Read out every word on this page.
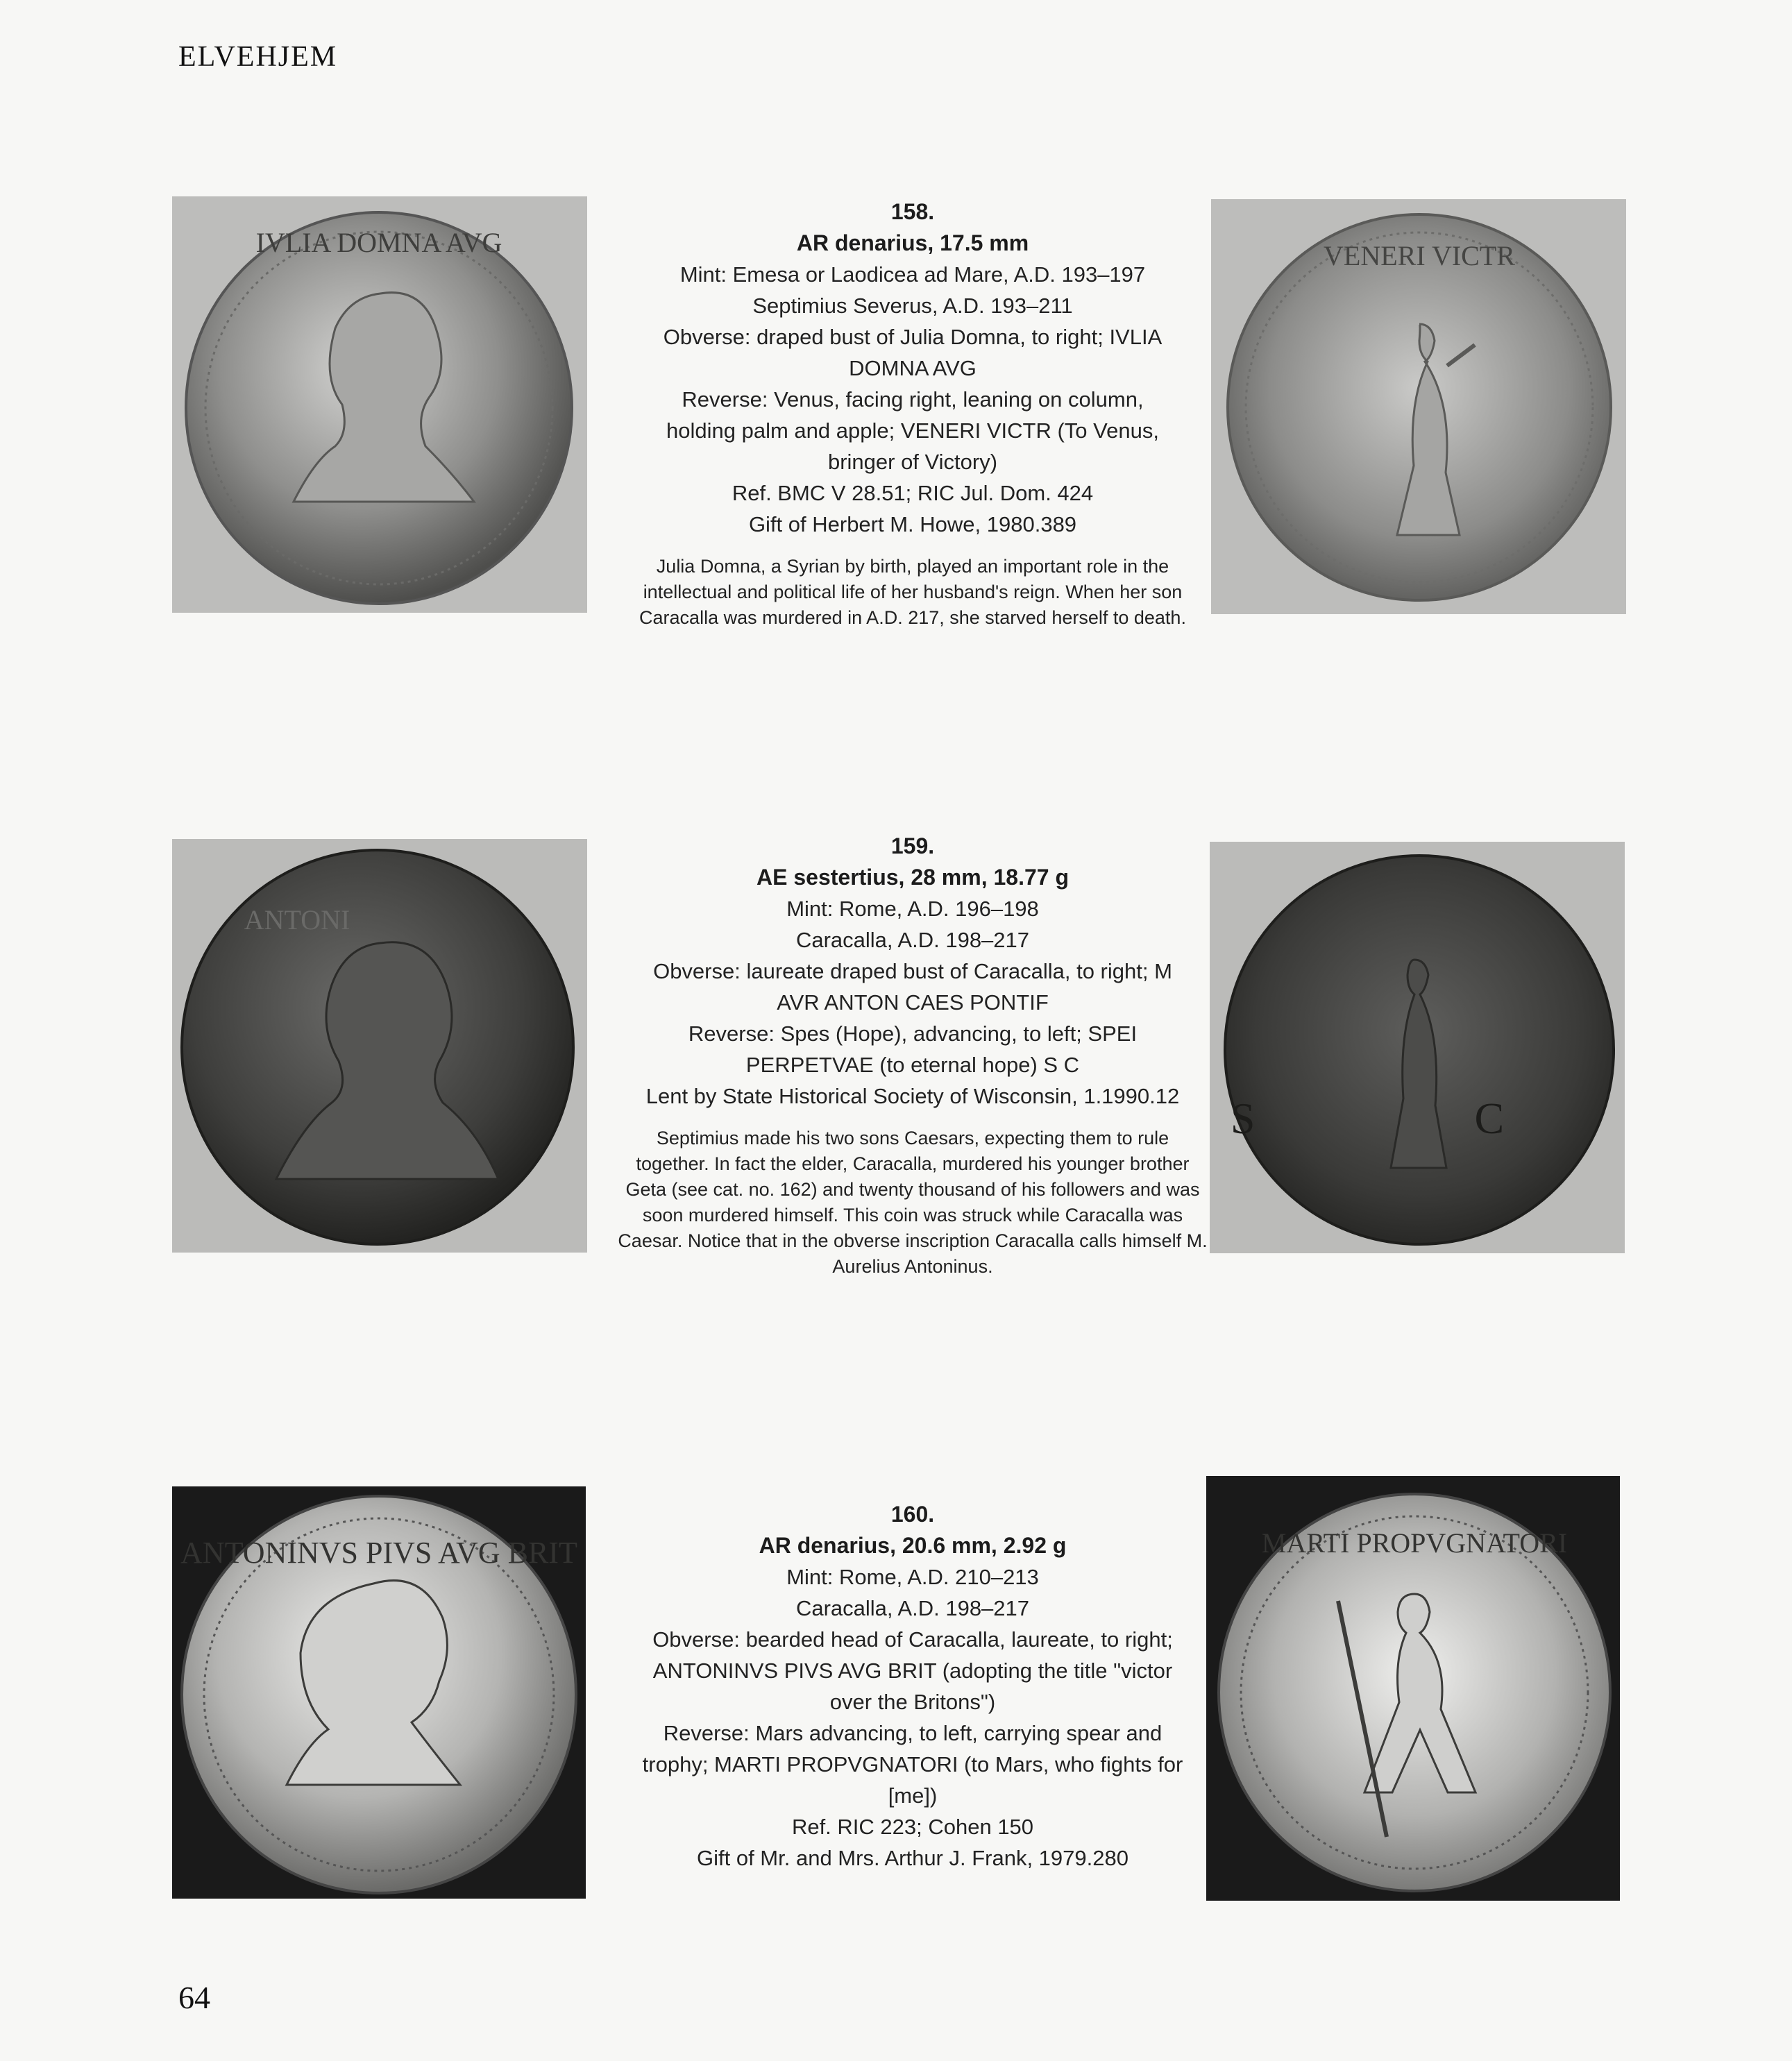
ELVEHJEM
IVLIA DOMNA AVG
158.
AR denarius, 17.5 mm
Mint: Emesa or Laodicea ad Mare, A.D. 193–197
Septimius Severus, A.D. 193–211
Obverse: draped bust of Julia Domna, to right; IVLIA
DOMNA AVG
Reverse: Venus, facing right, leaning on column,
holding palm and apple; VENERI VICTR (To Venus,
bringer of Victory)
Ref. BMC V 28.51; RIC Jul. Dom. 424
Gift of Herbert M. Howe, 1980.389
Julia Domna, a Syrian by birth, played an important role in the intellectual and political life of her husband's reign. When her son Caracalla was murdered in A.D. 217, she starved herself to death.
VENERI VICTR
ANTONI
159.
AE sestertius, 28 mm, 18.77 g
Mint: Rome, A.D. 196–198
Caracalla, A.D. 198–217
Obverse: laureate draped bust of Caracalla, to right; M
AVR ANTON CAES PONTIF
Reverse: Spes (Hope), advancing, to left; SPEI
PERPETVAE (to eternal hope) S C
Lent by State Historical Society of Wisconsin, 1.1990.12
Septimius made his two sons Caesars, expecting them to rule together. In fact the elder, Caracalla, murdered his younger brother Geta (see cat. no. 162) and twenty thousand of his followers and was soon murdered himself. This coin was struck while Caracalla was Caesar. Notice that in the obverse inscription Caracalla calls himself M. Aurelius Antoninus.
S C
ANTONINVS PIVS AVG BRIT
160.
AR denarius, 20.6 mm, 2.92 g
Mint: Rome, A.D. 210–213
Caracalla, A.D. 198–217
Obverse: bearded head of Caracalla, laureate, to right;
ANTONINVS PIVS AVG BRIT (adopting the title "victor
over the Britons")
Reverse: Mars advancing, to left, carrying spear and
trophy; MARTI PROPVGNATORI (to Mars, who fights for
[me])
Ref. RIC 223; Cohen 150
Gift of Mr. and Mrs. Arthur J. Frank, 1979.280
MARTI PROPVGNATORI
64
